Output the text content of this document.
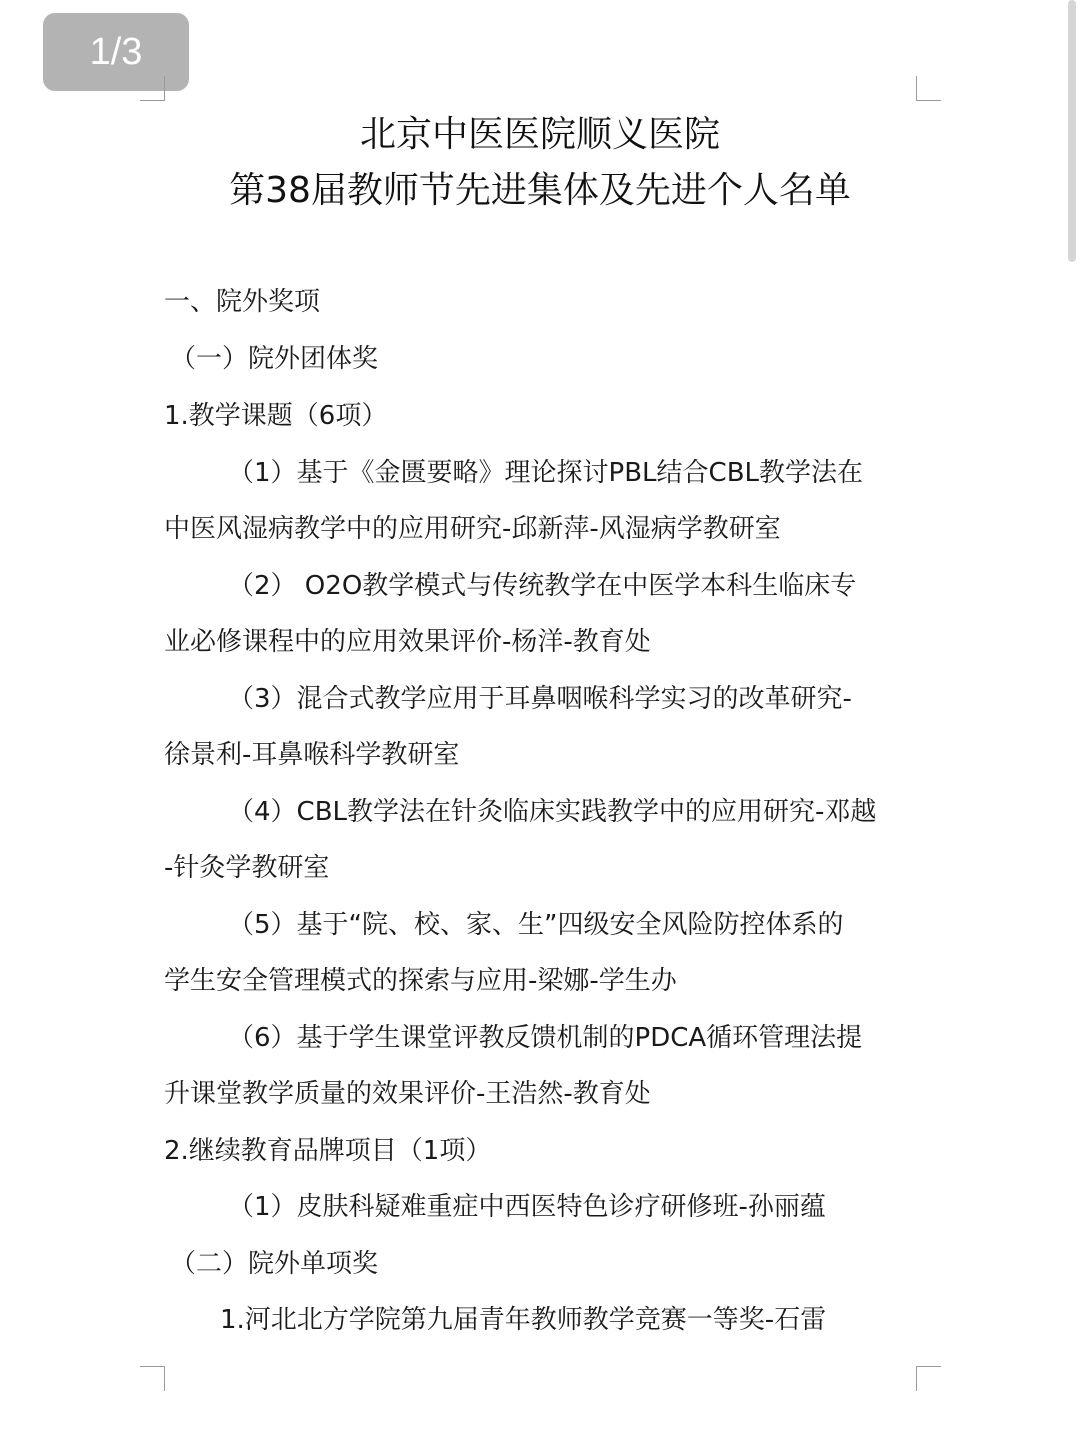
1/3
北京中医医院顺义医院
第38届教师节先进集体及先进个人名单
一、院外奖项
（一）院外团体奖
1.教学课题（6项）
（1）基于《金匮要略》理论探讨PBL结合CBL教学法在
中医风湿病教学中的应用研究-邱新萍-风湿病学教研室
（2） O2O教学模式与传统教学在中医学本科生临床专
业必修课程中的应用效果评价-杨洋-教育处
（3）混合式教学应用于耳鼻咽喉科学实习的改革研究-
徐景利-耳鼻喉科学教研室
（4）CBL教学法在针灸临床实践教学中的应用研究-邓越
-针灸学教研室
（5）基于“院、校、家、生”四级安全风险防控体系的
学生安全管理模式的探索与应用-梁娜-学生办
（6）基于学生课堂评教反馈机制的PDCA循环管理法提
升课堂教学质量的效果评价-王浩然-教育处
2.继续教育品牌项目（1项）
（1）皮肤科疑难重症中西医特色诊疗研修班-孙丽蕴
（二）院外单项奖
1.河北北方学院第九届青年教师教学竞赛一等奖-石雷
